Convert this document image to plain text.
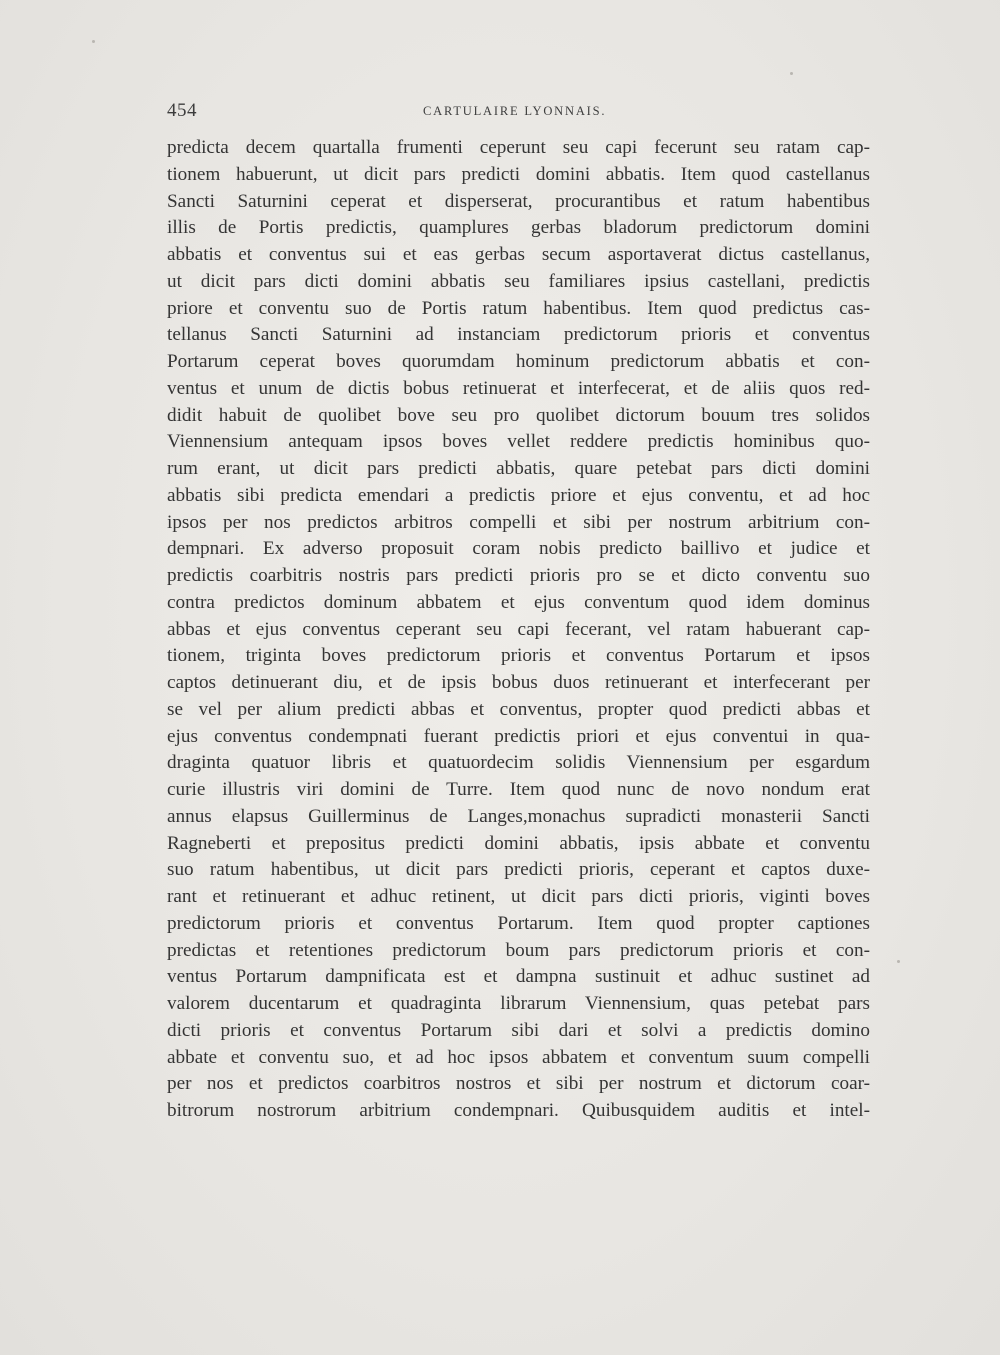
454	CARTULAIRE LYONNAIS.
predicta decem quartalla frumenti ceperunt seu capi fecerunt seu ratam cap-
tionem habuerunt, ut dicit pars predicti domini abbatis. Item quod castellanus
Sancti Saturnini ceperat et disperserat, procurantibus et ratum habentibus
illis de Portis predictis, quamplures gerbas bladorum predictorum domini
abbatis et conventus sui et eas gerbas secum asportaverat dictus castellanus,
ut dicit pars dicti domini abbatis seu familiares ipsius castellani, predictis
priore et conventu suo de Portis ratum habentibus. Item quod predictus cas-
tellanus Sancti Saturnini ad instanciam predictorum prioris et conventus
Portarum ceperat boves quorumdam hominum predictorum abbatis et con-
ventus et unum de dictis bobus retinuerat et interfecerat, et de aliis quos red-
didit habuit de quolibet bove seu pro quolibet dictorum bouum tres solidos
Viennensium antequam ipsos boves vellet reddere predictis hominibus quo-
rum erant, ut dicit pars predicti abbatis, quare petebat pars dicti domini
abbatis sibi predicta emendari a predictis priore et ejus conventu, et ad hoc
ipsos per nos predictos arbitros compelli et sibi per nostrum arbitrium con-
dempnari. Ex adverso proposuit coram nobis predicto baillivo et judice et
predictis coarbitris nostris pars predicti prioris pro se et dicto conventu suo
contra predictos dominum abbatem et ejus conventum quod idem dominus
abbas et ejus conventus ceperant seu capi fecerant, vel ratam habuerant cap-
tionem, triginta boves predictorum prioris et conventus Portarum et ipsos
captos detinuerant diu, et de ipsis bobus duos retinuerant et interfecerant per
se vel per alium predicti abbas et conventus, propter quod predicti abbas et
ejus conventus condempnati fuerant predictis priori et ejus conventui in qua-
draginta quatuor libris et quatuordecim solidis Viennensium per esgardum
curie illustris viri domini de Turre. Item quod nunc de novo nondum erat
annus elapsus Guillerminus de Langes,monachus supradicti monasterii Sancti
Ragneberti et prepositus predicti domini abbatis, ipsis abbate et conventu
suo ratum habentibus, ut dicit pars predicti prioris, ceperant et captos duxe-
rant et retinuerant et adhuc retinent, ut dicit pars dicti prioris, viginti boves
predictorum prioris et conventus Portarum. Item quod propter captiones
predictas et retentiones predictorum boum pars predictorum prioris et con-
ventus Portarum dampnificata est et dampna sustinuit et adhuc sustinet ad
valorem ducentarum et quadraginta librarum Viennensium, quas petebat pars
dicti prioris et conventus Portarum sibi dari et solvi a predictis domino
abbate et conventu suo, et ad hoc ipsos abbatem et conventum suum compelli
per nos et predictos coarbitros nostros et sibi per nostrum et dictorum coar-
bitrorum nostrorum arbitrium condempnari. Quibusquidem auditis et intel-
